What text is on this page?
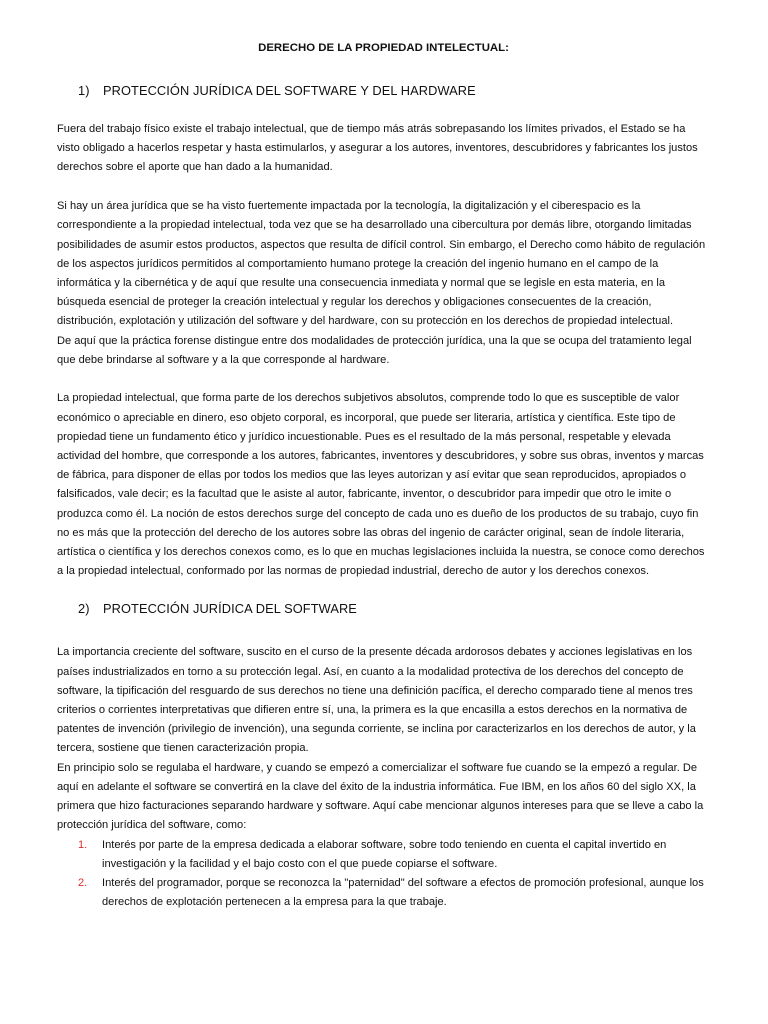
DERECHO DE LA PROPIEDAD INTELECTUAL:
1)	PROTECCIÓN JURÍDICA DEL SOFTWARE Y DEL HARDWARE

Fuera del trabajo físico existe el trabajo intelectual, que de tiempo más atrás sobrepasando los límites privados, el Estado se ha visto obligado a hacerlos respetar y hasta estimularlos, y asegurar a los autores, inventores, descubridores y fabricantes los justos derechos sobre el aporte que han dado a la humanidad.

Si hay un área jurídica que se ha visto fuertemente impactada por la tecnología, la digitalización y el ciberespacio es la correspondiente a la propiedad intelectual, toda vez que se ha desarrollado una cibercultura por demás libre, otorgando limitadas posibilidades de asumir estos productos, aspectos que resulta de difícil control. Sin embargo, el Derecho como hábito de regulación de los aspectos jurídicos permitidos al comportamiento humano protege la creación del ingenio humano en el campo de la informática y la cibernética y de aquí que resulte una consecuencia inmediata y normal que se legisle en esta materia, en la búsqueda esencial de proteger la creación intelectual y regular los derechos y obligaciones consecuentes de la creación, distribución, explotación y utilización del software y del hardware, con su protección en los derechos de propiedad intelectual.

De aquí que la práctica forense distingue entre dos modalidades de protección jurídica, una la que se ocupa del tratamiento legal que debe brindarse al software y a la que corresponde al hardware.

La propiedad intelectual, que forma parte de los derechos subjetivos absolutos, comprende todo lo que es susceptible de valor económico o apreciable en dinero, eso objeto corporal, es incorporal, que puede ser literaria, artística y científica. Este tipo de propiedad tiene un fundamento ético y jurídico incuestionable. Pues es el resultado de la más personal, respetable y elevada actividad del hombre, que corresponde a los autores, fabricantes, inventores y descubridores, y sobre sus obras, inventos y marcas de fábrica, para disponer de ellas por todos los medios que las leyes autorizan y así evitar que sean reproducidos, apropiados o falsificados, vale decir; es la facultad que le asiste al autor, fabricante, inventor, o descubridor para impedir que otro le imite o produzca como él. La noción de estos derechos surge del concepto de cada uno es dueño de los productos de su trabajo, cuyo fin no es más que la protección del derecho de los autores sobre las obras del ingenio de carácter original, sean de índole literaria, artística o científica y los derechos conexos como, es lo que en muchas legislaciones incluida la nuestra, se conoce como derechos a la propiedad intelectual, conformado por las normas de propiedad industrial, derecho de autor y los derechos conexos.

2)	PROTECCIÓN JURÍDICA DEL SOFTWARE

La importancia creciente del software, suscito en el curso de la presente década ardorosos debates y acciones legislativas en los países industrializados en torno a su protección legal. Así, en cuanto a la modalidad protectiva de los derechos del concepto de software, la tipificación del resguardo de sus derechos no tiene una definición pacífica, el derecho comparado tiene al menos tres criterios o corrientes interpretativas que difieren entre sí, una, la primera es la que encasilla a estos derechos en la normativa de patentes de invención (privilegio de invención), una segunda corriente, se inclina por caracterizarlos en los derechos de autor, y la tercera, sostiene que tienen caracterización propia.

En principio solo se regulaba el hardware, y cuando se empezó a comercializar el software fue cuando se la empezó a regular. De aquí en adelante el software se convertirá en la clave del éxito de la industria informática. Fue IBM, en los años 60 del siglo XX, la primera que hizo facturaciones separando hardware y software. Aquí cabe mencionar algunos intereses para que se lleve a cabo la protección jurídica del software, como:

1.	Interés por parte de la empresa dedicada a elaborar software, sobre todo teniendo en cuenta el capital invertido en investigación y la facilidad y el bajo costo con el que puede copiarse el software.
2.	Interés del programador, porque se reconozca la "paternidad" del software a efectos de promoción profesional, aunque los derechos de explotación pertenecen a la empresa para la que trabaje.
